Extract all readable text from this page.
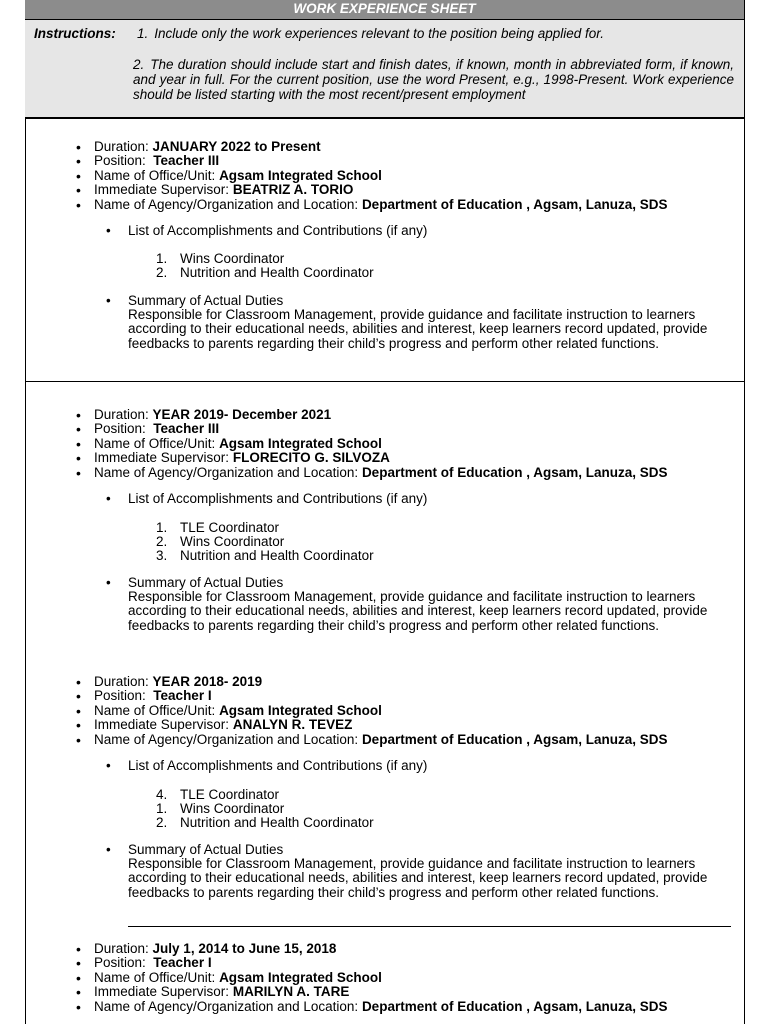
WORK EXPERIENCE SHEET
Instructions: 1. Include only the work experiences relevant to the position being applied for.
2. The duration should include start and finish dates, if known, month in abbreviated form, if known, and year in full. For the current position, use the word Present, e.g., 1998-Present. Work experience should be listed starting with the most recent/present employment
• Duration: JANUARY 2022 to Present
• Position: Teacher III
• Name of Office/Unit: Agsam Integrated School
• Immediate Supervisor: BEATRIZ A. TORIO
• Name of Agency/Organization and Location: Department of Education , Agsam, Lanuza, SDS
• List of Accomplishments and Contributions (if any)
1. Wins Coordinator
2. Nutrition and Health Coordinator
• Summary of Actual Duties
Responsible for Classroom Management, provide guidance and facilitate instruction to learners according to their educational needs, abilities and interest, keep learners record updated, provide feedbacks to parents regarding their child’s progress and perform other related functions.
• Duration: YEAR 2019- December 2021
• Position: Teacher III
• Name of Office/Unit: Agsam Integrated School
• Immediate Supervisor: FLORECITO G. SILVOZA
• Name of Agency/Organization and Location: Department of Education , Agsam, Lanuza, SDS
• List of Accomplishments and Contributions (if any)
1. TLE Coordinator
2. Wins Coordinator
3. Nutrition and Health Coordinator
• Summary of Actual Duties
Responsible for Classroom Management, provide guidance and facilitate instruction to learners according to their educational needs, abilities and interest, keep learners record updated, provide feedbacks to parents regarding their child’s progress and perform other related functions.
• Duration: YEAR 2018- 2019
• Position: Teacher I
• Name of Office/Unit: Agsam Integrated School
• Immediate Supervisor: ANALYN R. TEVEZ
• Name of Agency/Organization and Location: Department of Education , Agsam, Lanuza, SDS
• List of Accomplishments and Contributions (if any)
4. TLE Coordinator
1. Wins Coordinator
2. Nutrition and Health Coordinator
• Summary of Actual Duties
Responsible for Classroom Management, provide guidance and facilitate instruction to learners according to their educational needs, abilities and interest, keep learners record updated, provide feedbacks to parents regarding their child’s progress and perform other related functions.
• Duration: July 1, 2014 to June 15, 2018
• Position: Teacher I
• Name of Office/Unit: Agsam Integrated School
• Immediate Supervisor: MARILYN A. TARE
• Name of Agency/Organization and Location: Department of Education , Agsam, Lanuza, SDS
